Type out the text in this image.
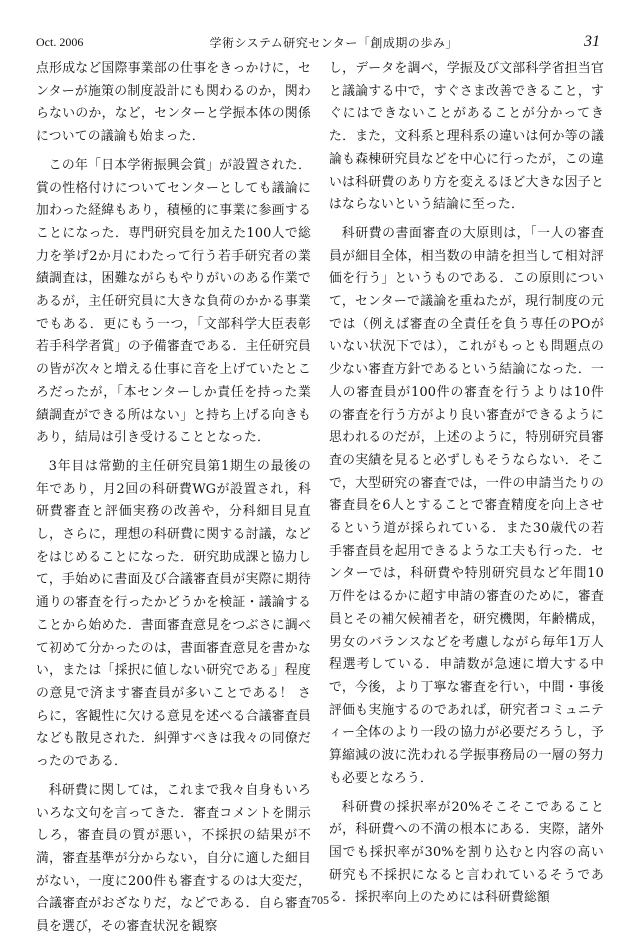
Oct. 2006	学術システム研究センター「創成期の歩み」	31

点形成など国際事業部の仕事をきっかけに，センターが施策の制度設計にも関わるのか，関わらないのか，など，センターと学振本体の関係についての議論も始まった．

この年「日本学術振興会賞」が設置された．賞の性格付けについてセンターとしても議論に加わった経緯もあり，積極的に事業に参画することになった．専門研究員を加えた100人で総力を挙げ2か月にわたって行う若手研究者の業績調査は，困難ながらもやりがいのある作業であるが，主任研究員に大きな負荷のかかる事業でもある．更にもう一つ，「文部科学大臣表彰若手科学者賞」の予備審査である．主任研究員の皆が次々と増える仕事に音を上げていたところだったが，「本センターしか責任を持った業績調査ができる所はない」と持ち上げる向きもあり，結局は引き受けることとなった．

3年目は常勤的主任研究員第1期生の最後の年であり，月2回の科研費WGが設置され，科研費審査と評価実務の改善や，分科細目見直し，さらに，理想の科研費に関する討議，などをはじめることになった．研究助成課と協力して，手始めに書面及び合議審査員が実際に期待通りの審査を行ったかどうかを検証・議論することから始めた．書面審査意見をつぶさに調べて初めて分かったのは，書面審査意見を書かない，または「採択に値しない研究である」程度の意見で済ます審査員が多いことである！ さらに，客観性に欠ける意見を述べる合議審査員なども散見された．糾弾すべきは我々の同僚だったのである．

科研費に関しては，これまで我々自身もいろいろな文句を言ってきた．審査コメントを開示しろ，審査員の質が悪い，不採択の結果が不満，審査基準が分からない，自分に適した細目がない，一度に200件も審査するのは大変だ，合議審査がおざなりだ，などである．自ら審査員を選び，その審査状況を観察

し，データを調べ，学振及び文部科学省担当官と議論する中で，すぐさま改善できること，すぐにはできないことがあることが分かってきた．また，文科系と理科系の違いは何か等の議論も森棟研究員などを中心に行ったが，この違いは科研費のあり方を変えるほど大きな因子とはならないという結論に至った．

科研費の書面審査の大原則は，「一人の審査員が細目全体，相当数の申請を担当して相対評価を行う」というものである．この原則について，センターで議論を重ねたが，現行制度の元では（例えば審査の全責任を負う専任のPOがいない状況下では），これがもっとも問題点の少ない審査方針であるという結論になった．一人の審査員が100件の審査を行うよりは10件の審査を行う方がより良い審査ができるように思われるのだが，上述のように，特別研究員審査の実績を見ると必ずしもそうならない．そこで，大型研究の審査では，一件の申請当たりの審査員を6人とすることで審査精度を向上させるという道が採られている．また30歳代の若手審査員を起用できるような工夫も行った．センターでは，科研費や特別研究員など年間10万件をはるかに超す申請の審査のために，審査員とその補欠候補者を，研究機関，年齢構成，男女のバランスなどを考慮しながら毎年1万人程選考している．申請数が急速に増大する中で，今後，より丁寧な審査を行い，中間・事後評価も実施するのであれば，研究者コミュニティー全体のより一段の協力が必要だろうし，予算縮減の波に洗われる学振事務局の一層の努力も必要となろう．

科研費の採択率が20%そこそこであることが，科研費への不満の根本にある．実際，諸外国でも採択率が30%を割り込むと内容の高い研究も不採択になると言われているそうである．採択率向上のためには科研費総額

705
